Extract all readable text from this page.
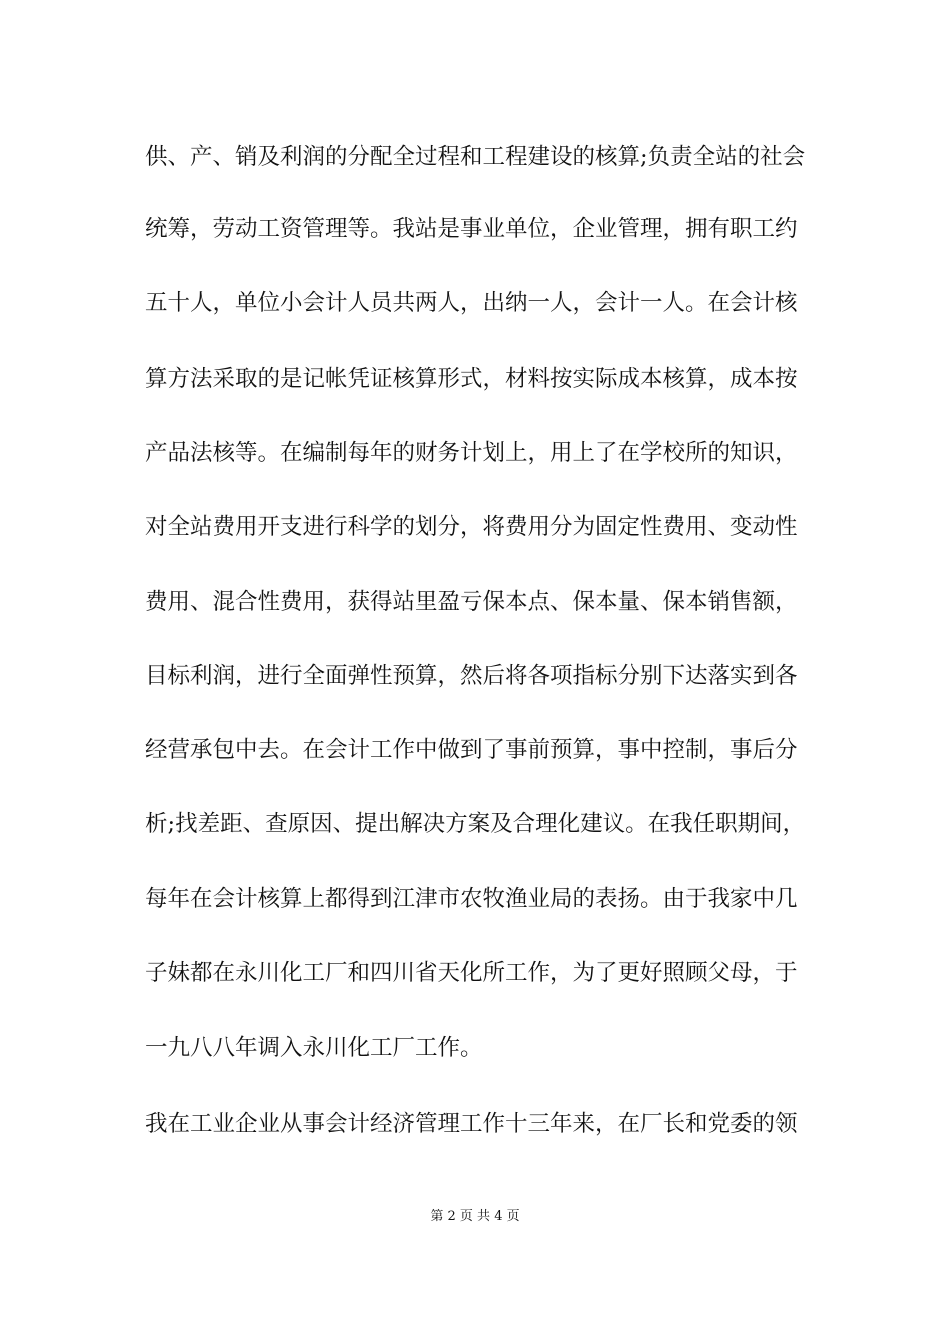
供、产、销及利润的分配全过程和工程建设的核算;负责全站的社会
统筹，劳动工资管理等。我站是事业单位，企业管理，拥有职工约
五十人，单位小会计人员共两人，出纳一人，会计一人。在会计核
算方法采取的是记帐凭证核算形式，材料按实际成本核算，成本按
产品法核等。在编制每年的财务计划上，用上了在学校所的知识，
对全站费用开支进行科学的划分，将费用分为固定性费用、变动性
费用、混合性费用，获得站里盈亏保本点、保本量、保本销售额，
目标利润，进行全面弹性预算，然后将各项指标分别下达落实到各
经营承包中去。在会计工作中做到了事前预算，事中控制，事后分
析;找差距、查原因、提出解决方案及合理化建议。在我任职期间，
每年在会计核算上都得到江津市农牧渔业局的表扬。由于我家中几
子妹都在永川化工厂和四川省天化所工作，为了更好照顾父母，于
一九八八年调入永川化工厂工作。
我在工业企业从事会计经济管理工作十三年来，在厂长和党委的领
第 2 页 共 4 页
